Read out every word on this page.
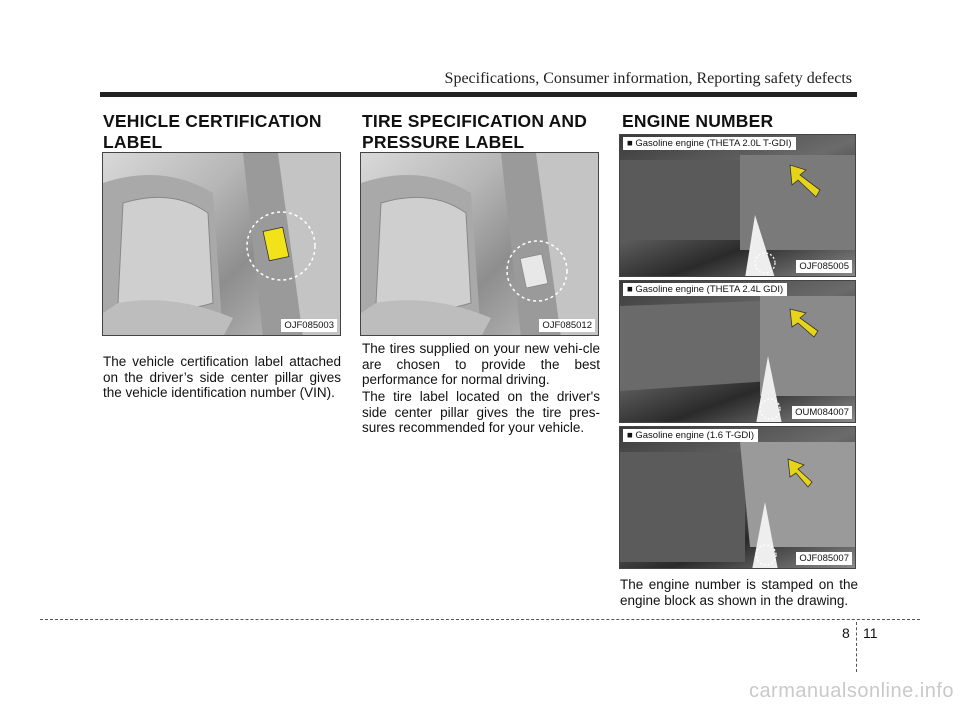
Specifications, Consumer information, Reporting safety defects
VEHICLE CERTIFICATION LABEL
OJF085003
The vehicle certification label attached on the driver’s side center pillar gives the vehicle identification number (VIN).
TIRE SPECIFICATION AND PRESSURE LABEL
OJF085012
The tires supplied on your new vehi-cle are chosen to provide the best performance for normal driving.
The tire label located on the driver's side center pillar gives the tire pres-sures recommended for your vehicle.
ENGINE NUMBER
■ Gasoline engine (THETA 2.0L T-GDI)
OJF085005
■ Gasoline engine (THETA 2.4L GDI)
OUM084007
■ Gasoline engine (1.6 T-GDI)
OJF085007
The engine number is stamped on the engine block as shown in the drawing.
8 11
carmanualsonline.info
